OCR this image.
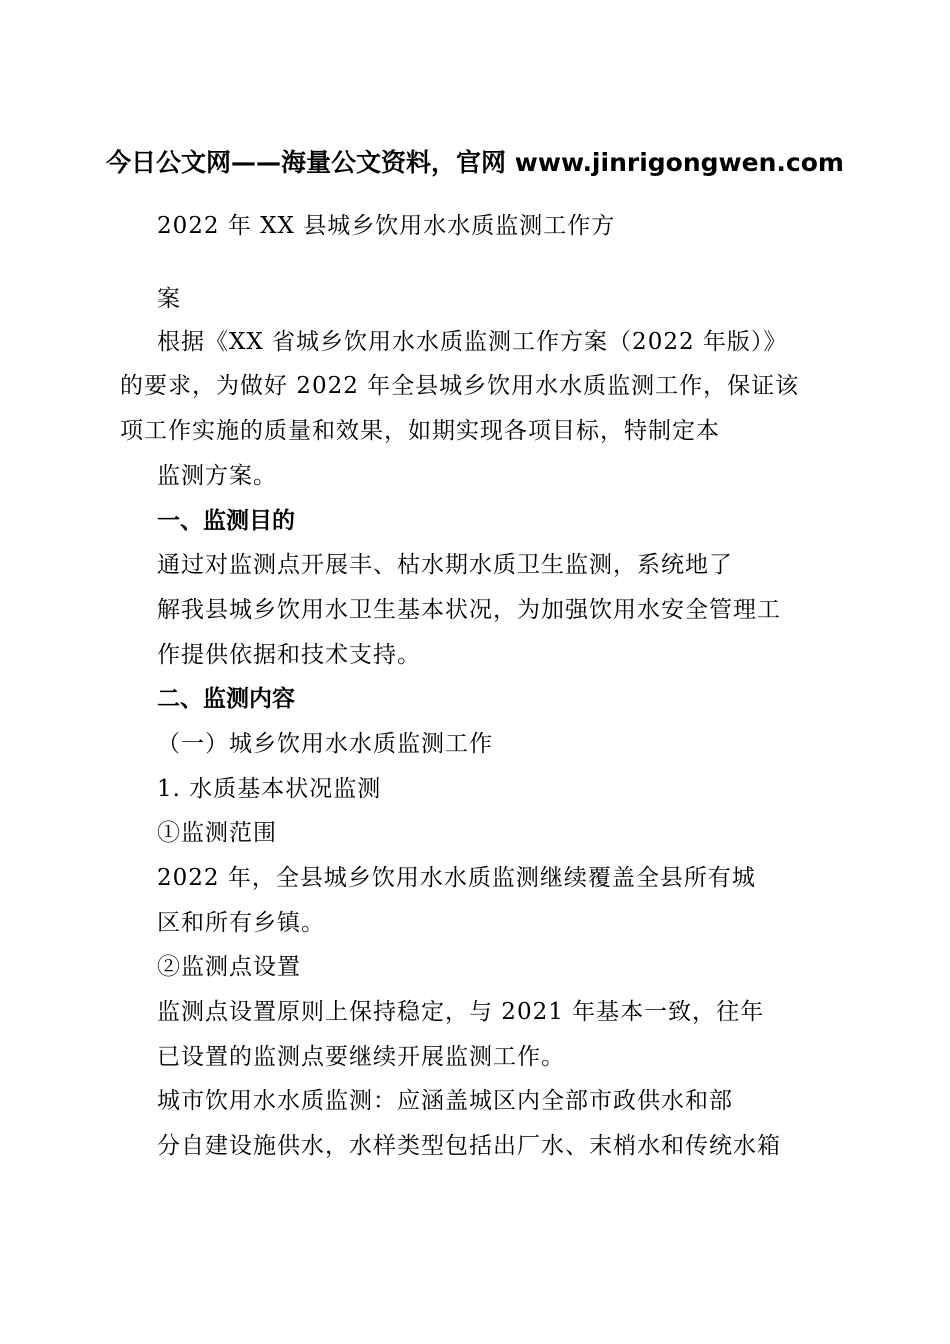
今日公文网——海量公文资料，官网 www.jinrigongwen.com
2022 年 XX 县城乡饮用水水质监测工作方
案
根据《XX 省城乡饮用水水质监测工作方案（2022 年版）》
的要求，为做好 2022 年全县城乡饮用水水质监测工作，保证该
项工作实施的质量和效果，如期实现各项目标，特制定本
监测方案。
一、监测目的
通过对监测点开展丰、枯水期水质卫生监测，系统地了
解我县城乡饮用水卫生基本状况，为加强饮用水安全管理工
作提供依据和技术支持。
二、监测内容
（一）城乡饮用水水质监测工作
1. 水质基本状况监测
①监测范围
2022 年，全县城乡饮用水水质监测继续覆盖全县所有城
区和所有乡镇。
②监测点设置
监测点设置原则上保持稳定，与 2021 年基本一致，往年
已设置的监测点要继续开展监测工作。
城市饮用水水质监测：应涵盖城区内全部市政供水和部
分自建设施供水，水样类型包括出厂水、末梢水和传统水箱
